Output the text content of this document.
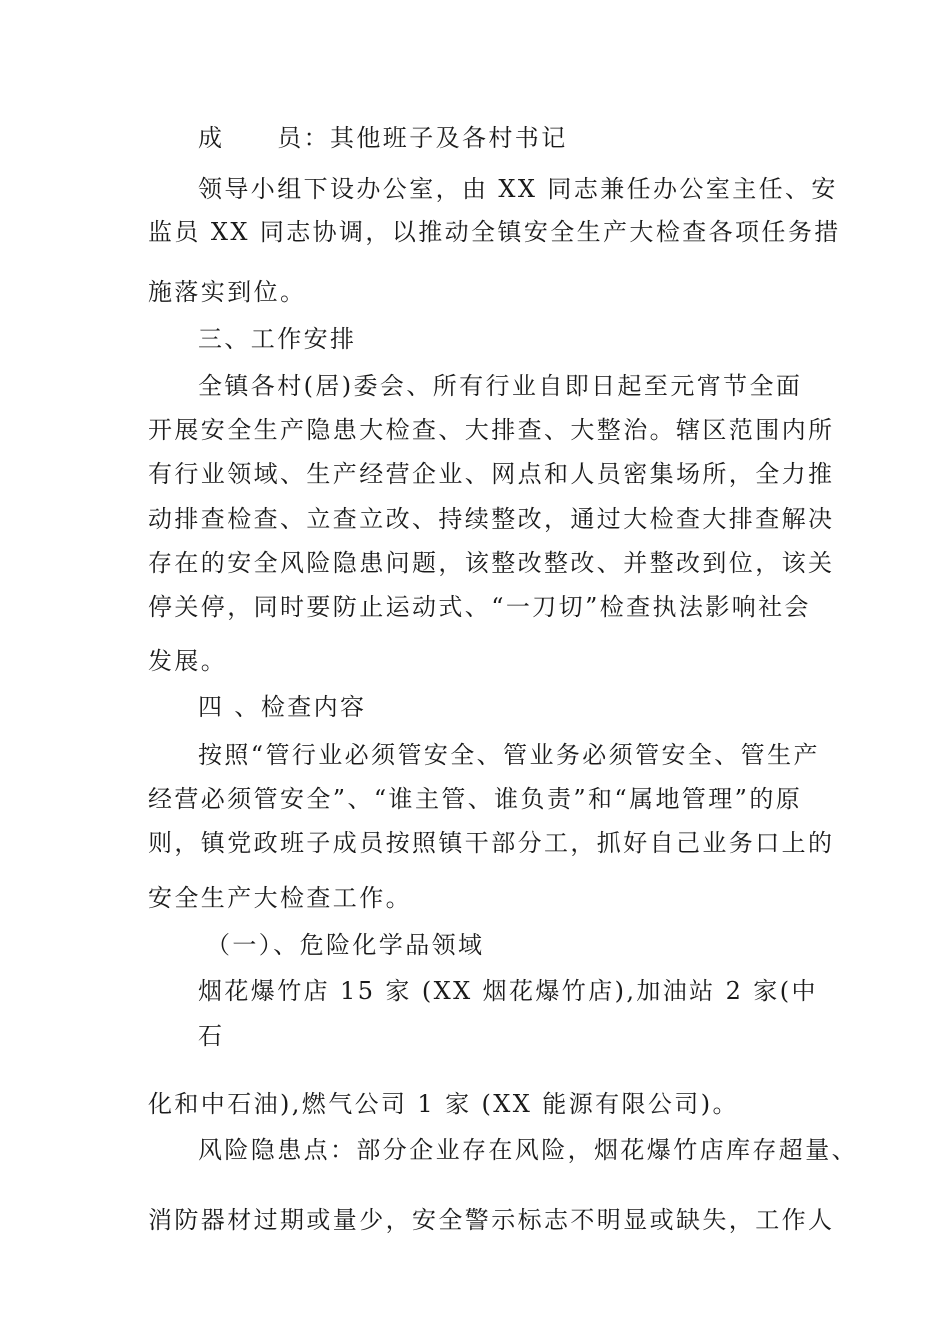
成　　员：其他班子及各村书记
领导小组下设办公室，由 XX 同志兼任办公室主任、安
监员 XX 同志协调，以推动全镇安全生产大检查各项任务措
施落实到位。
三、工作安排
全镇各村(居)委会、所有行业自即日起至元宵节全面
开展安全生产隐患大检查、大排查、大整治。辖区范围内所
有行业领域、生产经营企业、网点和人员密集场所，全力推
动排查检查、立查立改、持续整改，通过大检查大排查解决
存在的安全风险隐患问题，该整改整改、并整改到位，该关
停关停，同时要防止运动式、“一刀切”检查执法影响社会
发展。
四 、检查内容
按照“管行业必须管安全、管业务必须管安全、管生产
经营必须管安全”、“谁主管、谁负责”和“属地管理”的原
则，镇党政班子成员按照镇干部分工，抓好自己业务口上的
安全生产大检查工作。
（一）、危险化学品领域
烟花爆竹店 15 家 (XX 烟花爆竹店),加油站 2 家(中
石
化和中石油),燃气公司 1 家 (XX 能源有限公司)。
风险隐患点：部分企业存在风险，烟花爆竹店库存超量、
消防器材过期或量少，安全警示标志不明显或缺失，工作人
